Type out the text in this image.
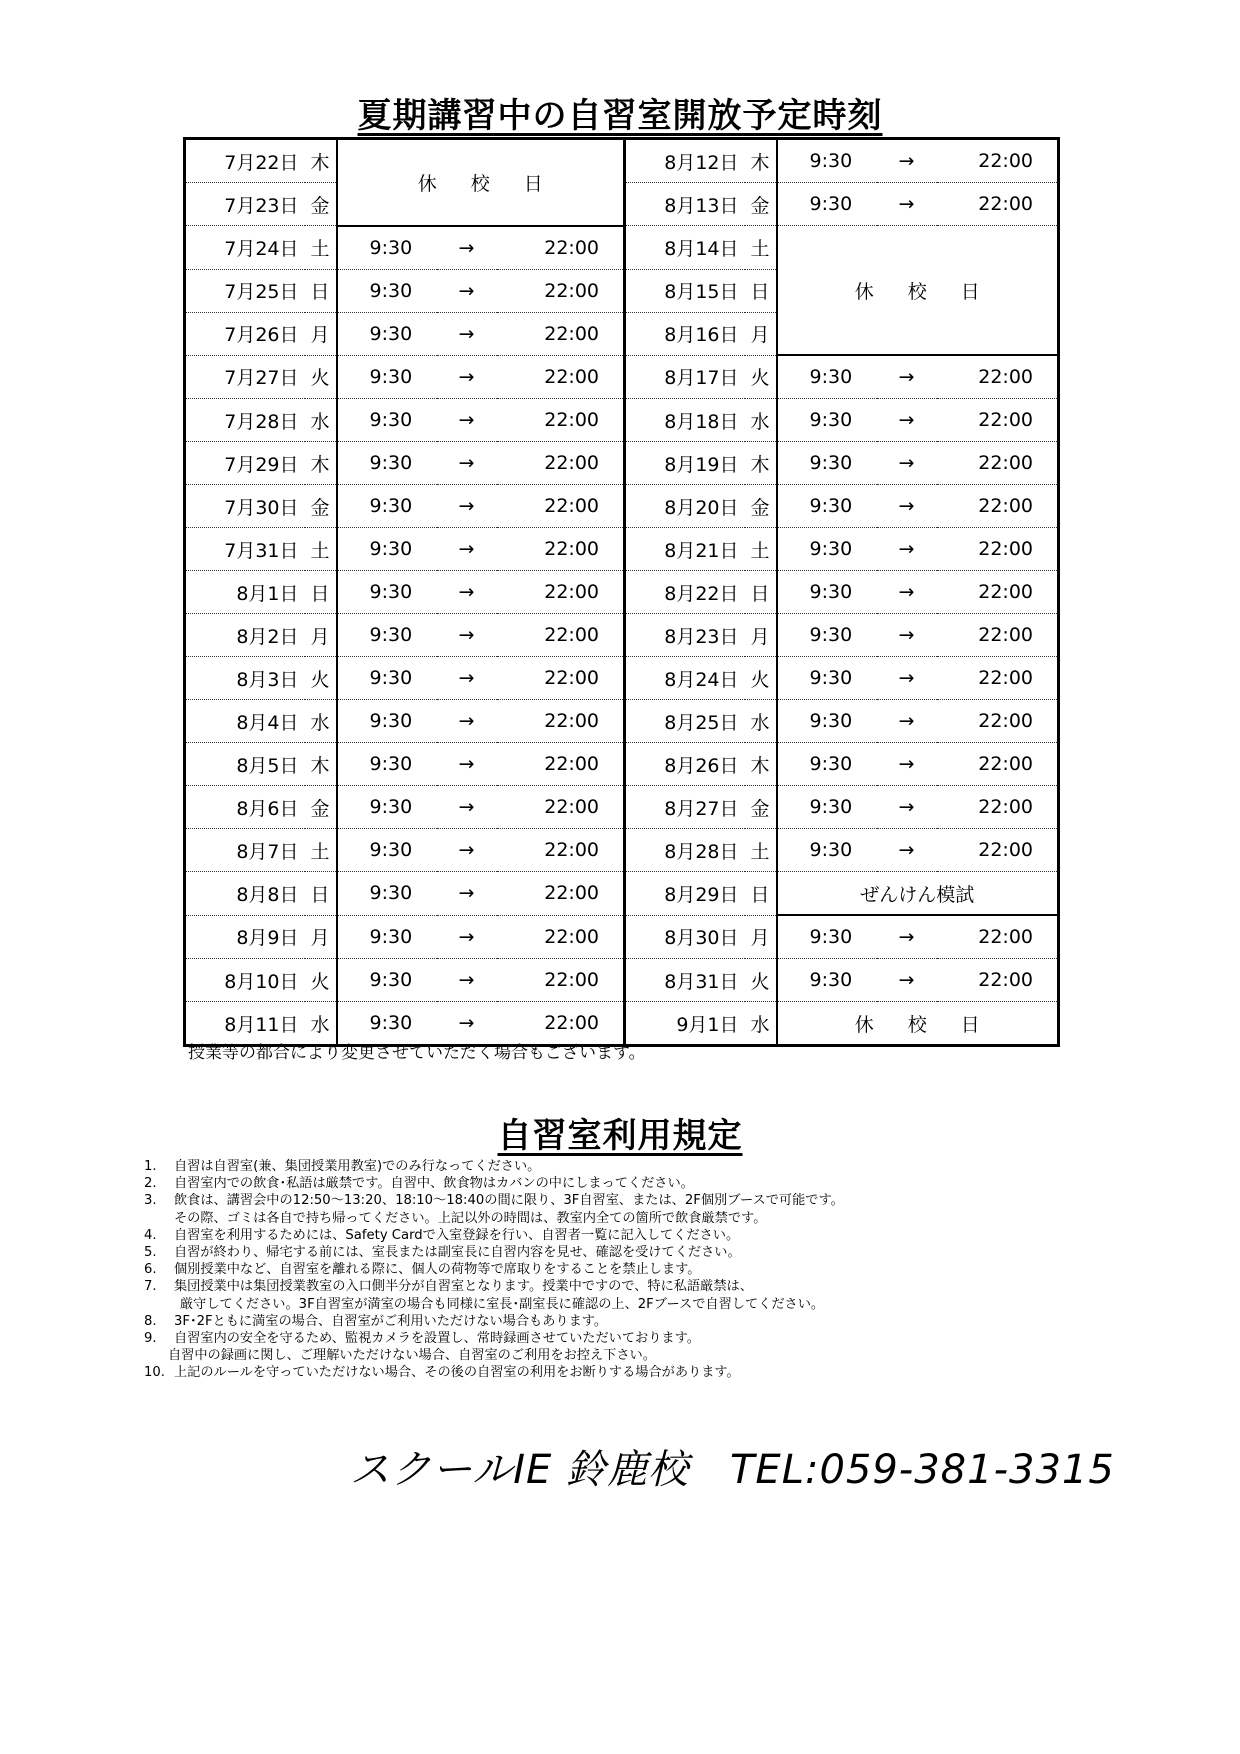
夏期講習中の自習室開放予定時刻
7月22日	木	休 校 日			8月12日	木	9:30	→	22:00
7月23日	金				8月13日	金	9:30	→	22:00
7月24日	土	9:30	→	22:00	8月14日	土	休 校 日		
7月25日	日	9:30	→	22:00	8月15日	日			
7月26日	月	9:30	→	22:00	8月16日	月			
7月27日	火	9:30	→	22:00	8月17日	火	9:30	→	22:00
7月28日	水	9:30	→	22:00	8月18日	水	9:30	→	22:00
7月29日	木	9:30	→	22:00	8月19日	木	9:30	→	22:00
7月30日	金	9:30	→	22:00	8月20日	金	9:30	→	22:00
7月31日	土	9:30	→	22:00	8月21日	土	9:30	→	22:00
8月1日	日	9:30	→	22:00	8月22日	日	9:30	→	22:00
8月2日	月	9:30	→	22:00	8月23日	月	9:30	→	22:00
8月3日	火	9:30	→	22:00	8月24日	火	9:30	→	22:00
8月4日	水	9:30	→	22:00	8月25日	水	9:30	→	22:00
8月5日	木	9:30	→	22:00	8月26日	木	9:30	→	22:00
8月6日	金	9:30	→	22:00	8月27日	金	9:30	→	22:00
8月7日	土	9:30	→	22:00	8月28日	土	9:30	→	22:00
8月8日	日	9:30	→	22:00	8月29日	日	ぜんけん模試		
8月9日	月	9:30	→	22:00	8月30日	月	9:30	→	22:00
8月10日	火	9:30	→	22:00	8月31日	火	9:30	→	22:00
8月11日	水	9:30	→	22:00	9月1日	水	休 校 日		
授業等の都合により変更させていただく場合もございます。
自習室利用規定
1.	自習は自習室(兼、集団授業用教室)でのみ行なってください。
2.	自習室内での飲食･私語は厳禁です。自習中、飲食物はカバンの中にしまってください。
3.	飲食は、講習会中の12:50～13:20、18:10～18:40の間に限り、3F自習室、または、2F個別ブースで可能です。
その際、ゴミは各自で持ち帰ってください。上記以外の時間は、教室内全ての箇所で飲食厳禁です。
4.	自習室を利用するためには、Safety Cardで入室登録を行い、自習者一覧に記入してください。
5.	自習が終わり、帰宅する前には、室長または副室長に自習内容を見せ、確認を受けてください。
6.	個別授業中など、自習室を離れる際に、個人の荷物等で席取りをすることを禁止します。
7.	集団授業中は集団授業教室の入口側半分が自習室となります。授業中ですので、特に私語厳禁は、
厳守してください。3F自習室が満室の場合も同様に室長･副室長に確認の上、2Fブースで自習してください。
8.	3F･2Fともに満室の場合、自習室がご利用いただけない場合もあります。
9.	自習室内の安全を守るため、監視カメラを設置し、常時録画させていただいております。
自習中の録画に関し、ご理解いただけない場合、自習室のご利用をお控え下さい。
10. 上記のルールを守っていただけない場合、その後の自習室の利用をお断りする場合があります。
スクールIE 鈴鹿校　TEL:059-381-3315
